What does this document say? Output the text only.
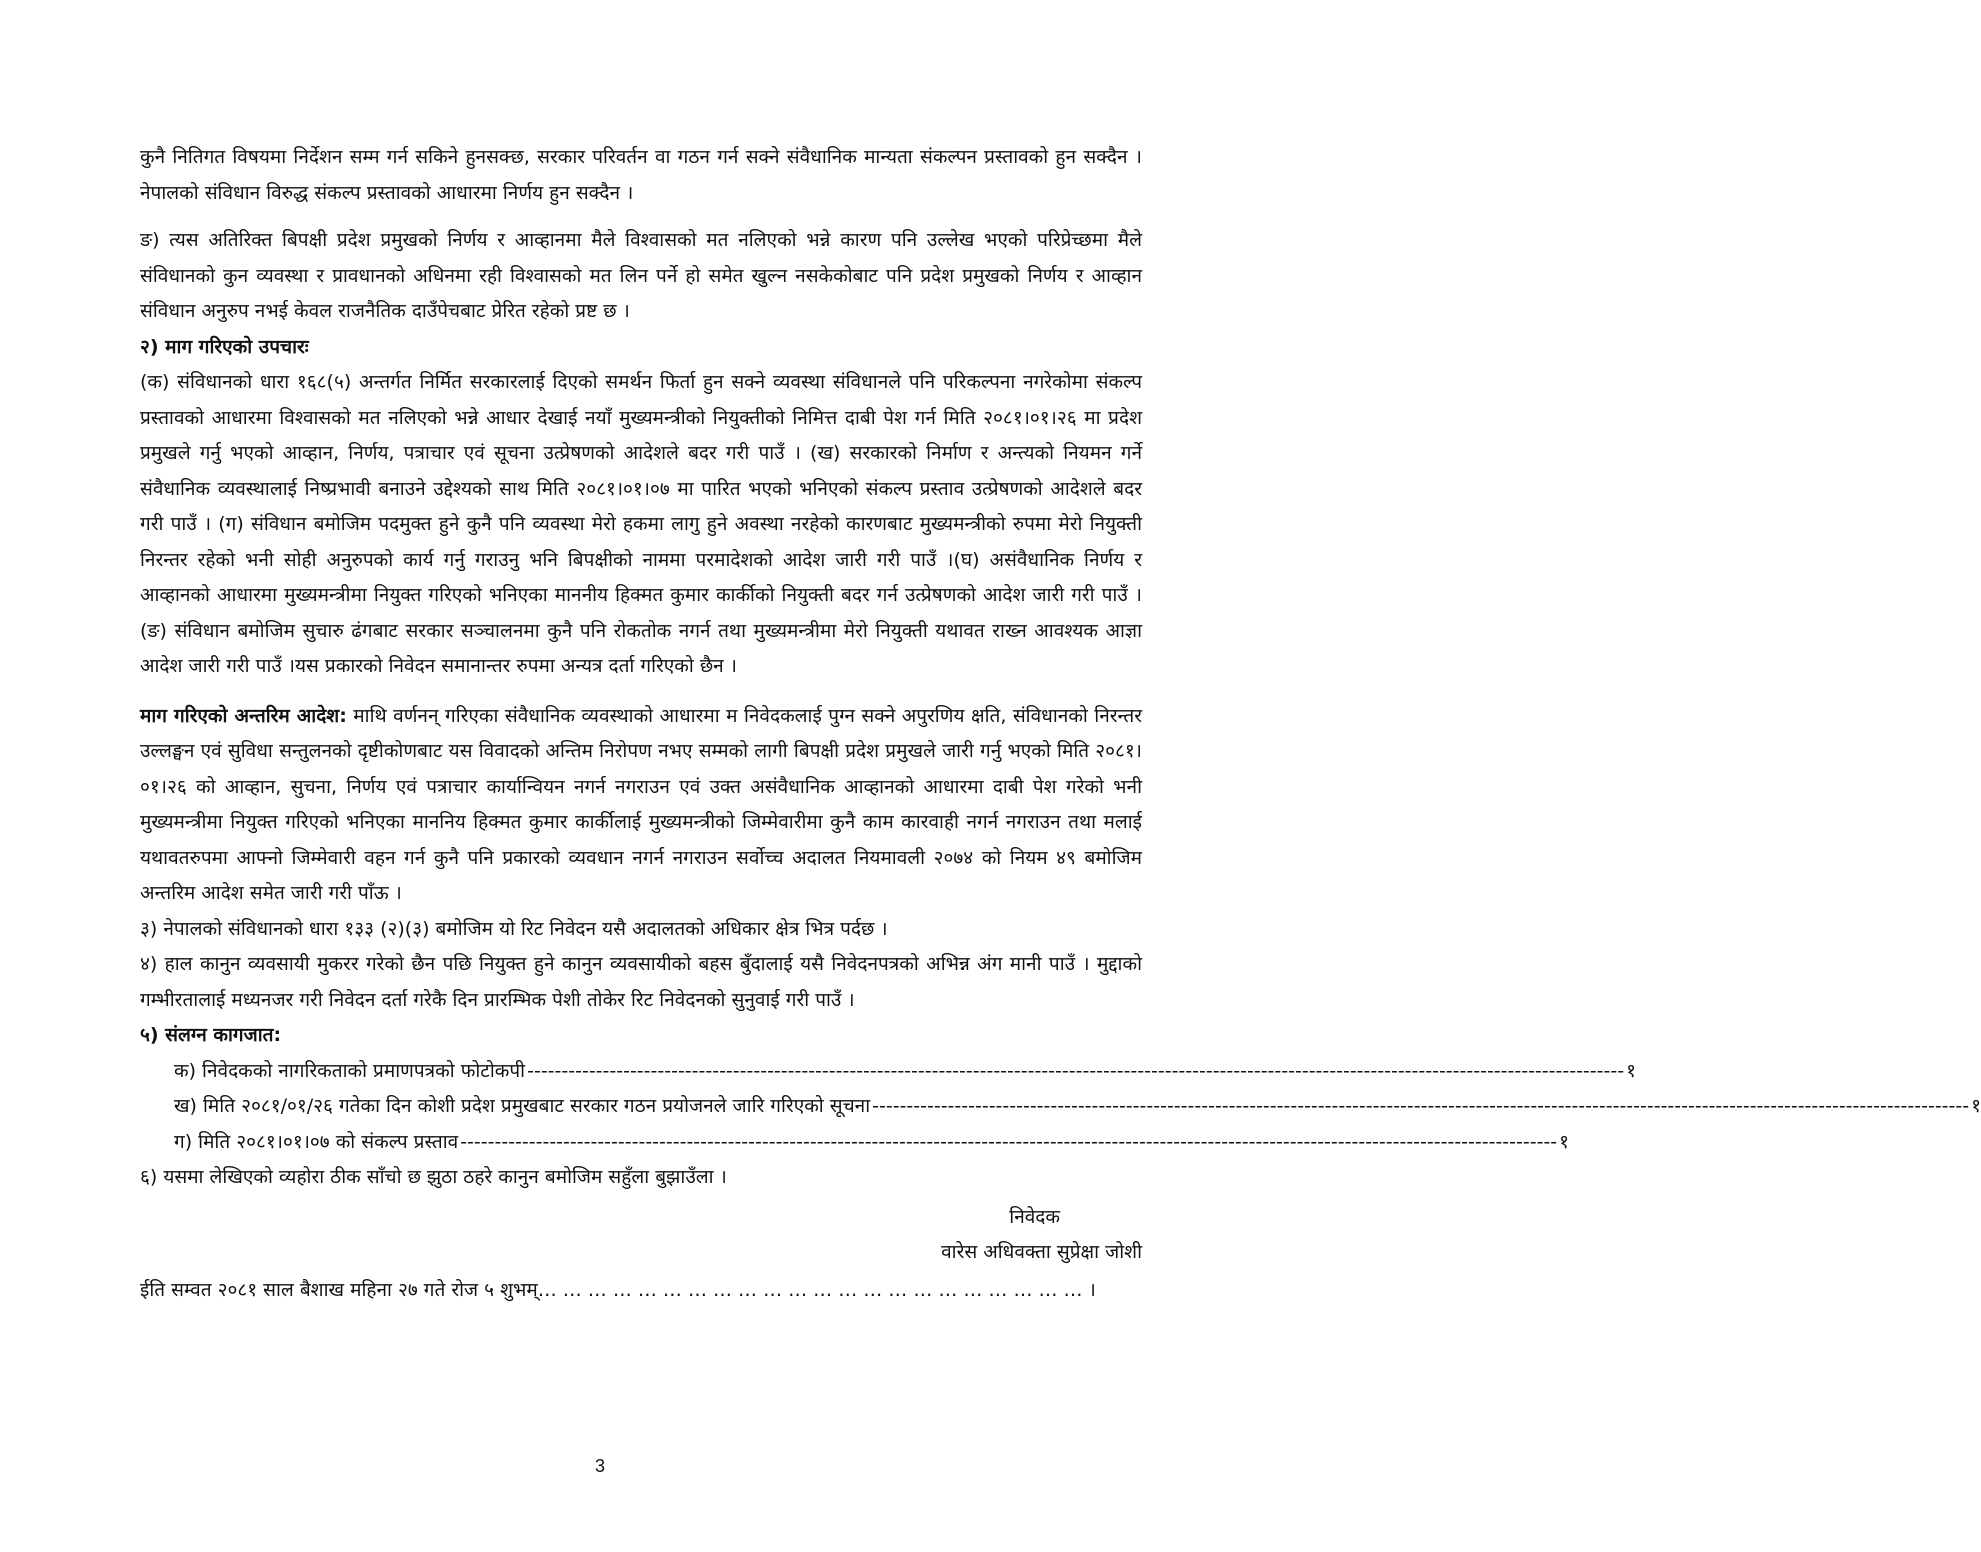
कुनै नितिगत विषयमा निर्देशन सम्म गर्न सकिने हुनसक्छ, सरकार परिवर्तन वा गठन गर्न सक्ने संवैधानिक मान्यता संकल्पन प्रस्तावको हुन सक्दैन । नेपालको संविधान विरुद्ध संकल्प प्रस्तावको आधारमा निर्णय हुन सक्दैन ।

ङ) त्यस अतिरिक्त बिपक्षी प्रदेश प्रमुखको निर्णय र आव्हानमा मैले विश्वासको मत नलिएको भन्ने कारण पनि उल्लेख भएको परिप्रेच्छमा मैले संविधानको कुन व्यवस्था र प्रावधानको अधिनमा रही विश्वासको मत लिन पर्ने हो समेत खुल्न नसकेकोबाट पनि प्रदेश प्रमुखको निर्णय र आव्हान संविधान अनुरुप नभई केवल राजनैतिक दाउँपेचबाट प्रेरित रहेको प्रष्ट छ ।

२) माग गरिएको उपचारः

(क) संविधानको धारा १६८(५) अन्तर्गत निर्मित सरकारलाई दिएको समर्थन फिर्ता हुन सक्ने व्यवस्था संविधानले पनि परिकल्पना नगरेकोमा संकल्प प्रस्तावको आधारमा विश्वासको मत नलिएको भन्ने आधार देखाई नयाँ मुख्यमन्त्रीको नियुक्तीको निमित्त दाबी पेश गर्न मिति २०८१।०१।२६ मा प्रदेश प्रमुखले गर्नु भएको आव्हान, निर्णय, पत्राचार एवं सूचना उत्प्रेषणको आदेशले बदर गरी पाउँ । (ख) सरकारको निर्माण र अन्त्यको नियमन गर्ने संवैधानिक व्यवस्थालाई निष्प्रभावी बनाउने उद्देश्यको साथ मिति २०८१।०१।०७ मा पारित भएको भनिएको संकल्प प्रस्ताव उत्प्रेषणको आदेशले बदर गरी पाउँ । (ग) संविधान बमोजिम पदमुक्त हुने कुनै पनि व्यवस्था मेरो हकमा लागु हुने अवस्था नरहेको कारणबाट मुख्यमन्त्रीको रुपमा मेरो नियुक्ती निरन्तर रहेको भनी सोही अनुरुपको कार्य गर्नु गराउनु भनि बिपक्षीको नाममा परमादेशको आदेश जारी गरी पाउँ ।(घ) असंवैधानिक निर्णय र आव्हानको आधारमा मुख्यमन्त्रीमा नियुक्त गरिएको भनिएका माननीय हिक्मत कुमार कार्कीको नियुक्ती बदर गर्न उत्प्रेषणको आदेश जारी गरी पाउँ । (ङ) संविधान बमोजिम सुचारु ढंगबाट सरकार सञ्चालनमा कुनै पनि रोकतोक नगर्न तथा मुख्यमन्त्रीमा मेरो नियुक्ती यथावत राख्न आवश्यक आज्ञा आदेश जारी गरी पाउँ ।यस प्रकारको निवेदन समानान्तर रुपमा अन्यत्र दर्ता गरिएको छैन ।

माग गरिएको अन्तरिम आदेश: माथि वर्णनन् गरिएका संवैधानिक व्यवस्थाको आधारमा म निवेदकलाई पुग्न सक्ने अपुरणिय क्षति, संविधानको निरन्तर उल्लङ्घन एवं सुविधा सन्तुलनको दृष्टीकोणबाट यस विवादको अन्तिम निरोपण नभए सम्मको लागी बिपक्षी प्रदेश प्रमुखले जारी गर्नु भएको मिति २०८१।०१।२६ को आव्हान, सुचना, निर्णय एवं पत्राचार कार्यान्वियन नगर्न नगराउन एवं उक्त असंवैधानिक आव्हानको आधारमा दाबी पेश गरेको भनी मुख्यमन्त्रीमा नियुक्त गरिएको भनिएका माननिय हिक्मत कुमार कार्कीलाई मुख्यमन्त्रीको जिम्मेवारीमा कुनै काम कारवाही नगर्न नगराउन तथा मलाई यथावतरुपमा आफ्नो जिम्मेवारी वहन गर्न कुनै पनि प्रकारको व्यवधान नगर्न नगराउन सर्वोच्च अदालत नियमावली २०७४ को नियम ४९ बमोजिम अन्तरिम आदेश समेत जारी गरी पाँऊ ।

३) नेपालको संविधानको धारा १३३ (२)(३) बमोजिम यो रिट निवेदन यसै अदालतको अधिकार क्षेत्र भित्र पर्दछ ।

४) हाल कानुन व्यवसायी मुकरर गरेको छैन पछि नियुक्त हुने कानुन व्यवसायीको बहस बुँदालाई यसै निवेदनपत्रको अभिन्न अंग मानी पाउँ । मुद्दाको गम्भीरतालाई मध्यनजर गरी निवेदन दर्ता गरेकै दिन प्रारम्भिक पेशी तोकेर रिट निवेदनको सुनुवाई गरी पाउँ ।

५) संलग्न कागजात:

क) निवेदकको नागरिकताको प्रमाणपत्रको फोटोकपी ---------------------------------------------------------------------------------------------------------------------------------------------------------------- १
ख) मिति २०८१/०१/२६ गतेका दिन कोशी प्रदेश प्रमुखबाट सरकार गठन प्रयोजनले जारि गरिएको सूचना ---------------------------------------------------------------------------------------------------------------------------------------------------------------- १
ग) मिति २०८१।०१।०७ को संकल्प प्रस्ताव ---------------------------------------------------------------------------------------------------------------------------------------------------------------- १

६) यसमा लेखिएको व्यहोरा ठीक साँचो छ झुठा ठहरे कानुन बमोजिम सहुँला बुझाउँला ।

निवेदक

वारेस अधिवक्ता सुप्रेक्षा जोशी

ईति सम्वत २०८१ साल बैशाख महिना २७ गते रोज ५ शुभम्… … … … … … … … … … … … … … … … … … … … … … ।

3
